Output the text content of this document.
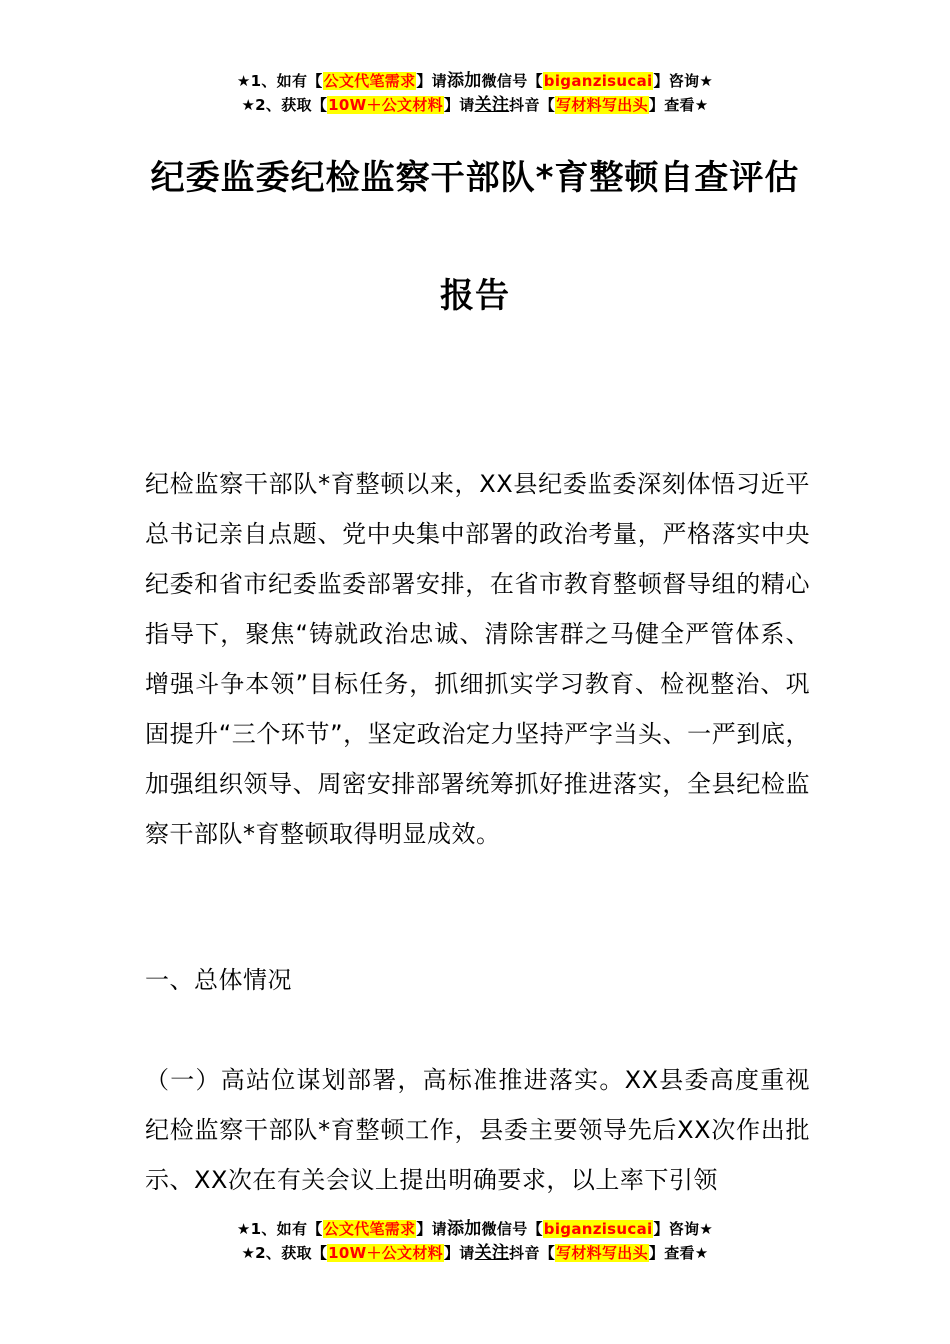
★1、如有【公文代笔需求】请添加微信号【biganzisucai】咨询★
★2、获取【10W＋公文材料】请关注抖音【写材料写出头】查看★
纪委监委纪检监察干部队*育整顿自查评估
报告
纪检监察干部队*育整顿以来，XX县纪委监委深刻体悟习近平总书记亲自点题、党中央集中部署的政治考量，严格落实中央纪委和省市纪委监委部署安排，在省市教育整顿督导组的精心指导下，聚焦“铸就政治忠诚、清除害群之马健全严管体系、增强斗争本领”目标任务，抓细抓实学习教育、检视整治、巩固提升“三个环节”，坚定政治定力坚持严字当头、一严到底，加强组织领导、周密安排部署统筹抓好推进落实，全县纪检监察干部队*育整顿取得明显成效。
一、总体情况
（一）高站位谋划部署，高标准推进落实。XX县委高度重视纪检监察干部队*育整顿工作，县委主要领导先后XX次作出批示、XX次在有关会议上提出明确要求，以上率下引领
★1、如有【公文代笔需求】请添加微信号【biganzisucai】咨询★
★2、获取【10W＋公文材料】请关注抖音【写材料写出头】查看★
